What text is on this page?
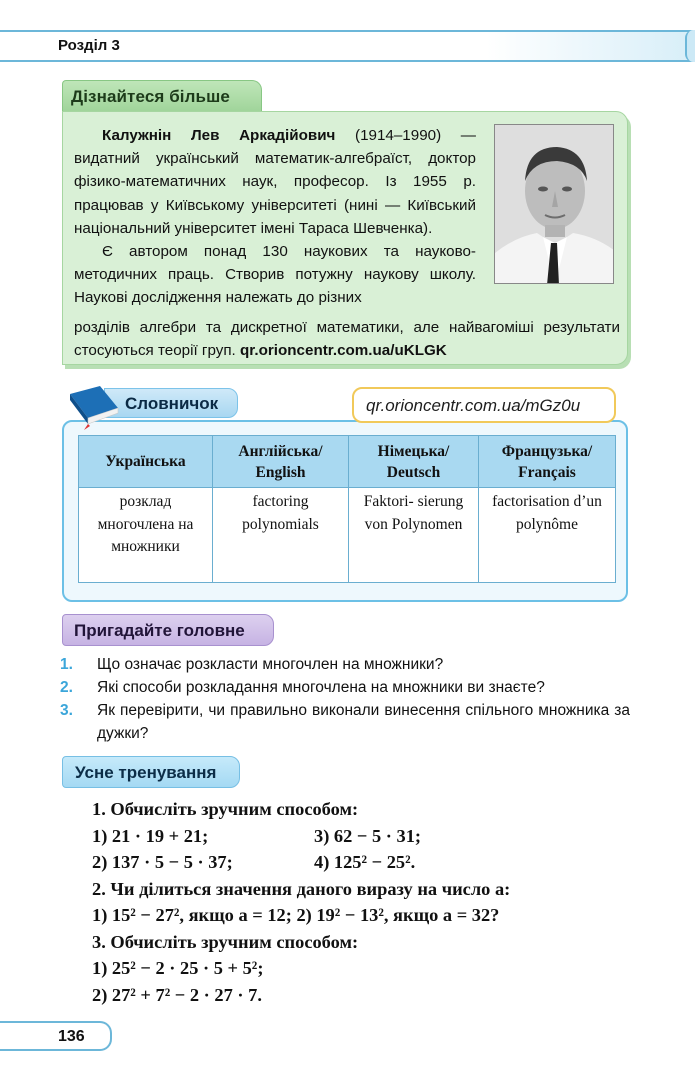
Розділ 3
Дізнайтеся більше

Калужнін Лев Аркадійович (1914–1990) — видатний український математик-алгебраїст, доктор фізико-математичних наук, професор. Із 1955 р. працював у Київському університеті (нині — Київський національний університет імені Тараса Шевченка).

Є автором понад 130 наукових та науково-методичних праць. Створив потужну наукову школу. Наукові дослідження належать до різних

розділів алгебри та дискретної математики, але найвагоміші результати стосуються теорії груп. qr.orioncentr.com.ua/uKLGK
Словничок	qr.orioncentr.com.ua/mGz0u
Українська	Англійська/ English	Німецька/ Deutsch	Французька/ Français
розклад многочлена на множники	factoring polynomials	Faktori- sierung von Polynomen	factorisation d’un polynôme
Пригадайте головне
1. Що означає розкласти многочлен на множники?
2. Які способи розкладання многочлена на множники ви знаєте?
3. Як перевірити, чи правильно виконали винесення спільного множника за дужки?
Усне тренування
1. Обчисліть зручним способом:
1) 21 · 19 + 21;	3) 62 − 5 · 31;
2) 137 · 5 − 5 · 37;	4) 125² − 25².
2. Чи ділиться значення даного виразу на число a:
1) 15² − 27², якщо a = 12; 2) 19² − 13², якщо a = 32?
3. Обчисліть зручним способом:
1) 25² − 2 · 25 · 5 + 5²;
2) 27² + 7² − 2 · 27 · 7.
136
